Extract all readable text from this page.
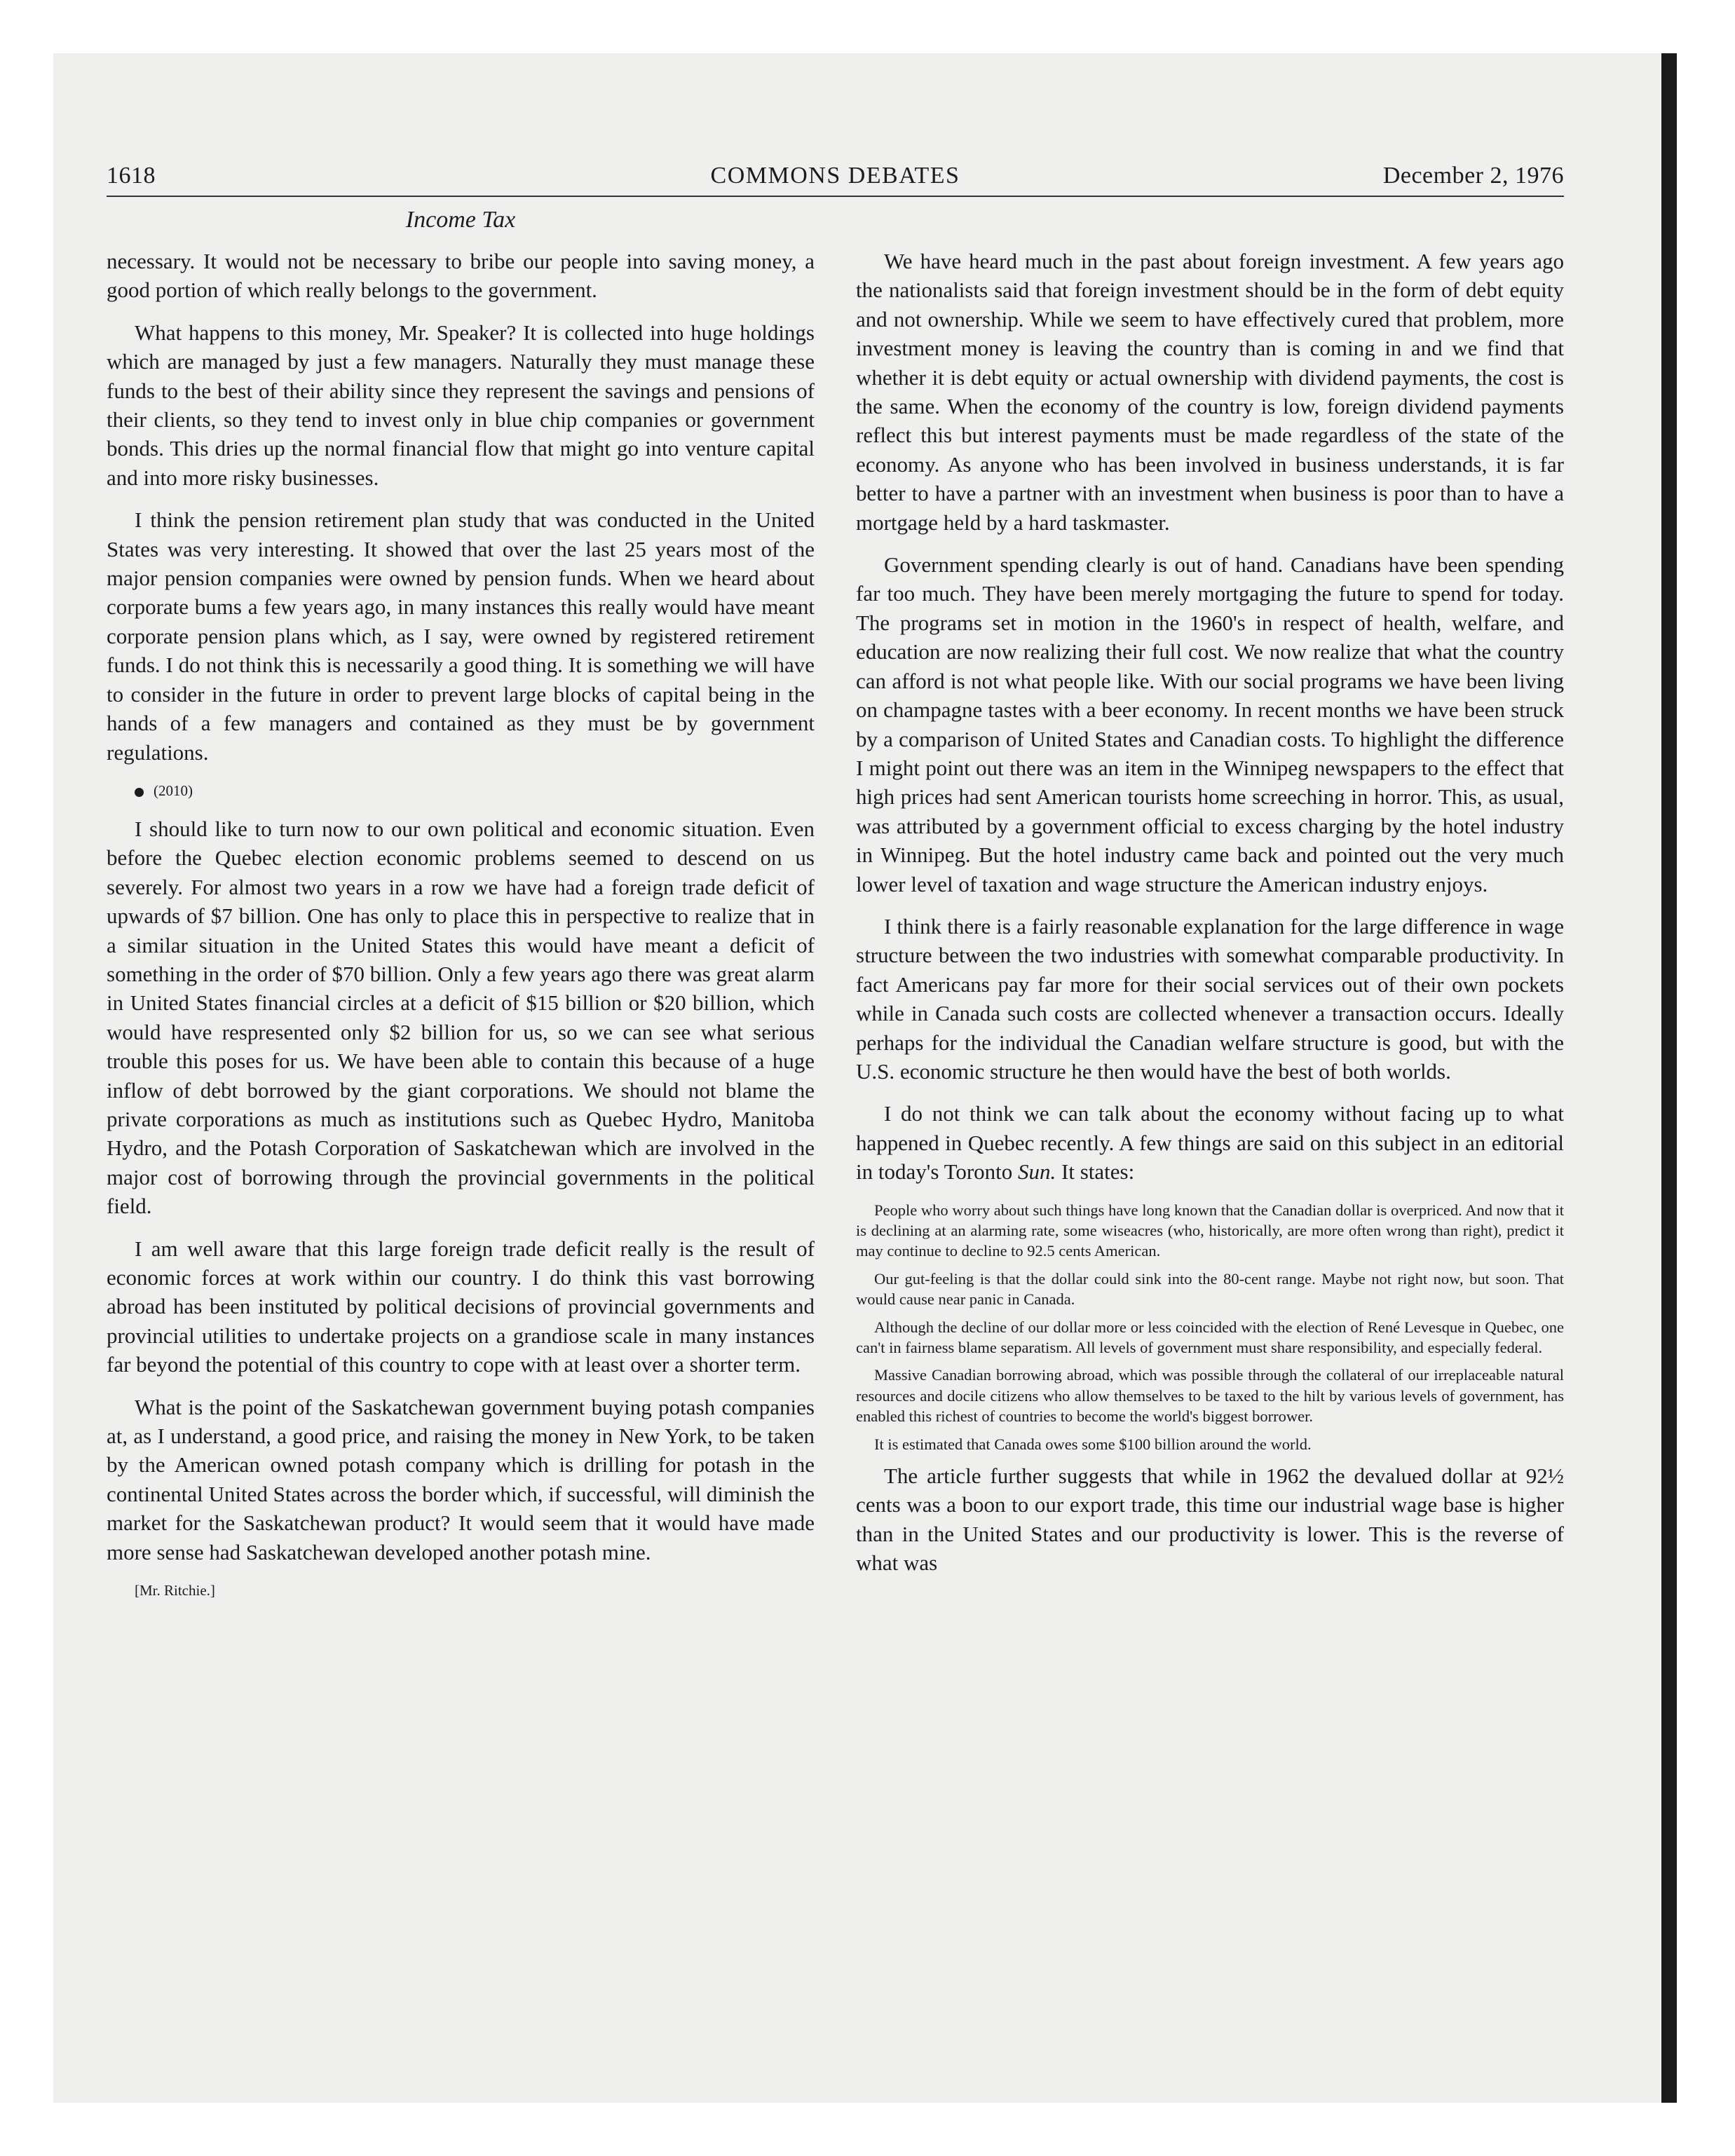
COMMONS DEBATES
1618	December 2, 1976
Income Tax

necessary. It would not be necessary to bribe our people into saving money, a good portion of which really belongs to the government.

What happens to this money, Mr. Speaker? It is collected into huge holdings which are managed by just a few managers. Naturally they must manage these funds to the best of their ability since they represent the savings and pensions of their clients, so they tend to invest only in blue chip companies or government bonds. This dries up the normal financial flow that might go into venture capital and into more risky businesses.

I think the pension retirement plan study that was conducted in the United States was very interesting. It showed that over the last 25 years most of the major pension companies were owned by pension funds. When we heard about corporate bums a few years ago, in many instances this really would have meant corporate pension plans which, as I say, were owned by registered retirement funds. I do not think this is necessarily a good thing. It is something we will have to consider in the future in order to prevent large blocks of capital being in the hands of a few managers and contained as they must be by government regulations.

(2010)

I should like to turn now to our own political and economic situation. Even before the Quebec election economic problems seemed to descend on us severely. For almost two years in a row we have had a foreign trade deficit of upwards of $7 billion. One has only to place this in perspective to realize that in a similar situation in the United States this would have meant a deficit of something in the order of $70 billion. Only a few years ago there was great alarm in United States financial circles at a deficit of $15 billion or $20 billion, which would have respresented only $2 billion for us, so we can see what serious trouble this poses for us. We have been able to contain this because of a huge inflow of debt borrowed by the giant corporations. We should not blame the private corporations as much as institutions such as Quebec Hydro, Manitoba Hydro, and the Potash Corporation of Saskatchewan which are involved in the major cost of borrowing through the provincial governments in the political field.

I am well aware that this large foreign trade deficit really is the result of economic forces at work within our country. I do think this vast borrowing abroad has been instituted by political decisions of provincial governments and provincial utilities to undertake projects on a grandiose scale in many instances far beyond the potential of this country to cope with at least over a shorter term.

What is the point of the Saskatchewan government buying potash companies at, as I understand, a good price, and raising the money in New York, to be taken by the American owned potash company which is drilling for potash in the continental United States across the border which, if successful, will diminish the market for the Saskatchewan product? It would seem that it would have made more sense had Saskatchewan developed another potash mine.

[Mr. Ritchie.]

We have heard much in the past about foreign investment. A few years ago the nationalists said that foreign investment should be in the form of debt equity and not ownership. While we seem to have effectively cured that problem, more investment money is leaving the country than is coming in and we find that whether it is debt equity or actual ownership with dividend payments, the cost is the same. When the economy of the country is low, foreign dividend payments reflect this but interest payments must be made regardless of the state of the economy. As anyone who has been involved in business understands, it is far better to have a partner with an investment when business is poor than to have a mortgage held by a hard taskmaster.

Government spending clearly is out of hand. Canadians have been spending far too much. They have been merely mortgaging the future to spend for today. The programs set in motion in the 1960's in respect of health, welfare, and education are now realizing their full cost. We now realize that what the country can afford is not what people like. With our social programs we have been living on champagne tastes with a beer economy. In recent months we have been struck by a comparison of United States and Canadian costs. To highlight the difference I might point out there was an item in the Winnipeg newspapers to the effect that high prices had sent American tourists home screeching in horror. This, as usual, was attributed by a government official to excess charging by the hotel industry in Winnipeg. But the hotel industry came back and pointed out the very much lower level of taxation and wage structure the American industry enjoys.

I think there is a fairly reasonable explanation for the large difference in wage structure between the two industries with somewhat comparable productivity. In fact Americans pay far more for their social services out of their own pockets while in Canada such costs are collected whenever a transaction occurs. Ideally perhaps for the individual the Canadian welfare structure is good, but with the U.S. economic structure he then would have the best of both worlds.

I do not think we can talk about the economy without facing up to what happened in Quebec recently. A few things are said on this subject in an editorial in today's Toronto Sun. It states:

People who worry about such things have long known that the Canadian dollar is overpriced. And now that it is declining at an alarming rate, some wiseacres (who, historically, are more often wrong than right), predict it may continue to decline to 92.5 cents American.

Our gut-feeling is that the dollar could sink into the 80-cent range. Maybe not right now, but soon. That would cause near panic in Canada.

Although the decline of our dollar more or less coincided with the election of René Levesque in Quebec, one can't in fairness blame separatism. All levels of government must share responsibility, and especially federal.

Massive Canadian borrowing abroad, which was possible through the collateral of our irreplaceable natural resources and docile citizens who allow themselves to be taxed to the hilt by various levels of government, has enabled this richest of countries to become the world's biggest borrower.

It is estimated that Canada owes some $100 billion around the world.

The article further suggests that while in 1962 the devalued dollar at 92½ cents was a boon to our export trade, this time our industrial wage base is higher than in the United States and our productivity is lower. This is the reverse of what was
